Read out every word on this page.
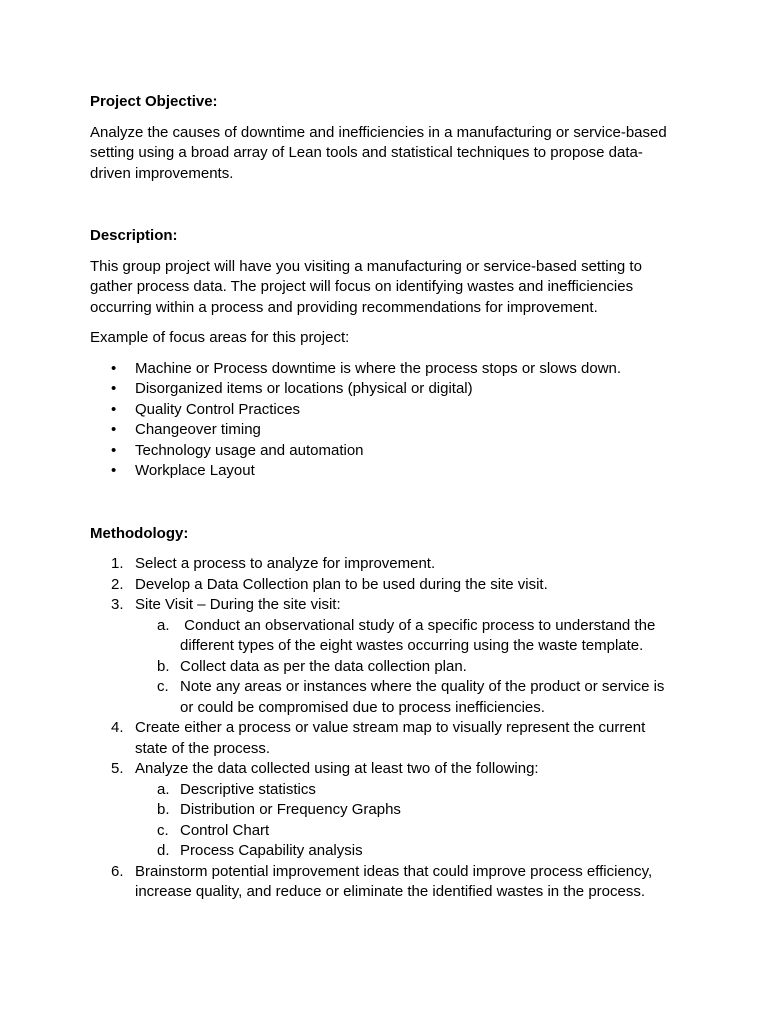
Project Objective:

Analyze the causes of downtime and inefficiencies in a manufacturing or service-based setting using a broad array of Lean tools and statistical techniques to propose data-driven improvements.

Description:

This group project will have you visiting a manufacturing or service-based setting to gather process data. The project will focus on identifying wastes and inefficiencies occurring within a process and providing recommendations for improvement.

Example of focus areas for this project:

• Machine or Process downtime is where the process stops or slows down.
• Disorganized items or locations (physical or digital)
• Quality Control Practices
• Changeover timing
• Technology usage and automation
• Workplace Layout

Methodology:

1. Select a process to analyze for improvement.
2. Develop a Data Collection plan to be used during the site visit.
3. Site Visit – During the site visit:
a. Conduct an observational study of a specific process to understand the different types of the eight wastes occurring using the waste template.
b. Collect data as per the data collection plan.
c. Note any areas or instances where the quality of the product or service is or could be compromised due to process inefficiencies.
4. Create either a process or value stream map to visually represent the current state of the process.
5. Analyze the data collected using at least two of the following:
a. Descriptive statistics
b. Distribution or Frequency Graphs
c. Control Chart
d. Process Capability analysis
6. Brainstorm potential improvement ideas that could improve process efficiency, increase quality, and reduce or eliminate the identified wastes in the process.
